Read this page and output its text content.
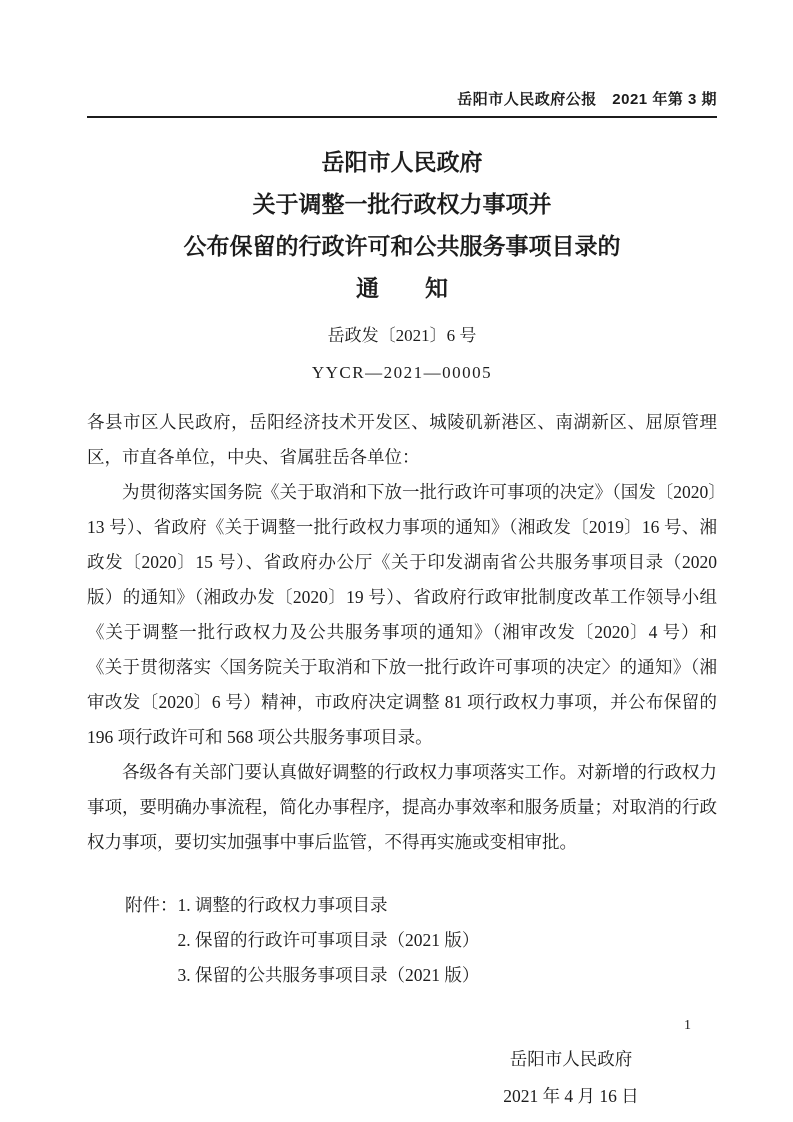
岳阳市人民政府公报　2021 年第 3 期
岳阳市人民政府
关于调整一批行政权力事项并
公布保留的行政许可和公共服务事项目录的
通　　知
岳政发〔2021〕6 号
YYCR—2021—00005

各县市区人民政府，岳阳经济技术开发区、城陵矶新港区、南湖新区、屈原管理区，市直各单位，中央、省属驻岳各单位：

为贯彻落实国务院《关于取消和下放一批行政许可事项的决定》（国发〔2020〕13 号）、省政府《关于调整一批行政权力事项的通知》（湘政发〔2019〕16 号、湘政发〔2020〕15 号）、省政府办公厅《关于印发湖南省公共服务事项目录（2020 版）的通知》（湘政办发〔2020〕19 号）、省政府行政审批制度改革工作领导小组《关于调整一批行政权力及公共服务事项的通知》（湘审改发〔2020〕4 号）和《关于贯彻落实〈国务院关于取消和下放一批行政许可事项的决定〉的通知》（湘审改发〔2020〕6 号）精神，市政府决定调整 81 项行政权力事项，并公布保留的 196 项行政许可和 568 项公共服务事项目录。

各级各有关部门要认真做好调整的行政权力事项落实工作。对新增的行政权力事项，要明确办事流程，简化办事程序，提高办事效率和服务质量；对取消的行政权力事项，要切实加强事中事后监管，不得再实施或变相审批。

附件： 1. 调整的行政权力事项目录
2. 保留的行政许可事项目录（2021 版）
3. 保留的公共服务事项目录（2021 版）
岳阳市人民政府
2021 年 4 月 16 日
1
